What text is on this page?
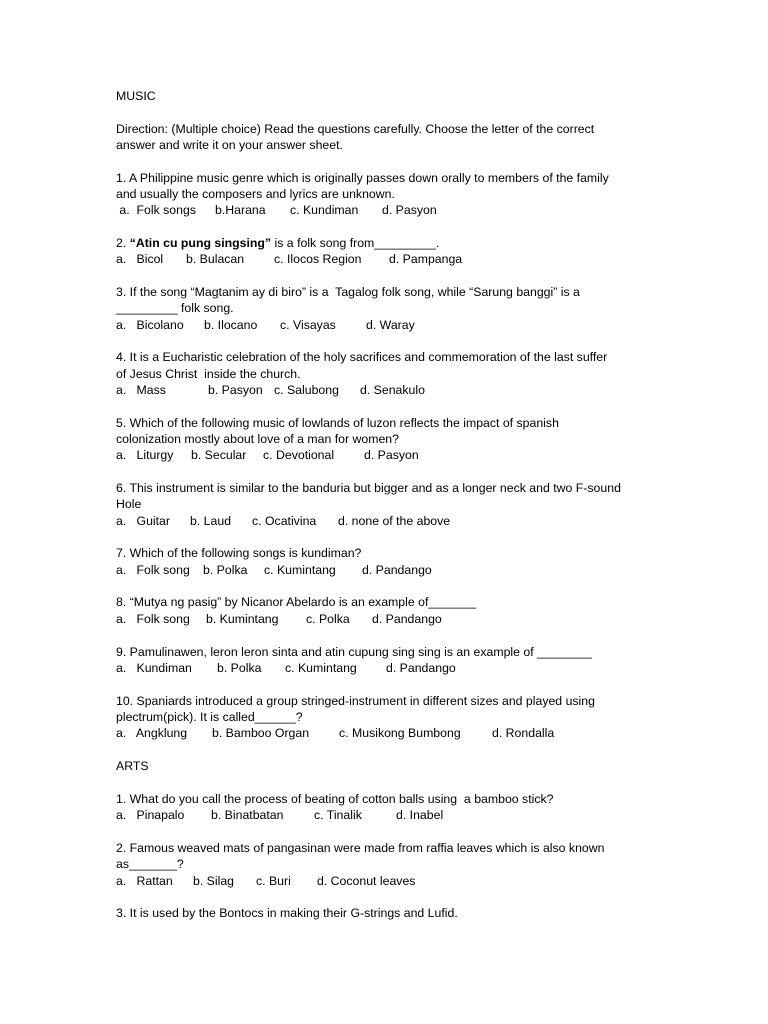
MUSIC
Direction: (Multiple choice) Read the questions carefully. Choose the letter of the correct
answer and write it on your answer sheet.
1. A Philippine music genre which is originally passes down orally to members of the family
and usually the composers and lyrics are unknown.
a.  Folk songs b.Harana c. Kundiman d. Pasyon
2. “Atin cu pung singsing” is a folk song from_________.
a.   Bicol b. Bulacan c. Ilocos Region d. Pampanga
3. If the song “Magtanim ay di biro” is a  Tagalog folk song, while “Sarung banggi” is a
_________ folk song.
a.   Bicolano b. Ilocano c. Visayas d. Waray
4. It is a Eucharistic celebration of the holy sacrifices and commemoration of the last suffer
of Jesus Christ  inside the church.
a.   Mass	b. Pasyon c. Salubong d. Senakulo
5. Which of the following music of lowlands of luzon reflects the impact of spanish
colonization mostly about love of a man for women?
a.   Liturgy b. Secular c. Devotional d. Pasyon
6. This instrument is similar to the banduria but bigger and as a longer neck and two F-sound
Hole
a.   Guitar b. Laud c. Ocativina d. none of the above
7. Which of the following songs is kundiman?
a.   Folk song b. Polka c. Kumintang d. Pandango
8. “Mutya ng pasig” by Nicanor Abelardo is an example of_______
a.   Folk song b. Kumintang c. Polka d. Pandango
9. Pamulinawen, leron leron sinta and atin cupung sing sing is an example of ________
a.   Kundiman b. Polka c. Kumintang d. Pandango
10. Spaniards introduced a group stringed-instrument in different sizes and played using
plectrum(pick). It is called______?
a.   Angklung b. Bamboo Organ c. Musikong Bumbong	d. Rondalla
ARTS
1. What do you call the process of beating of cotton balls using  a bamboo stick?
a.   Pinapalo b. Binatbatan c. Tinalik	d. Inabel
2. Famous weaved mats of pangasinan were made from raffia leaves which is also known
as_______?
a.   Rattan b. Silag c. Buri d. Coconut leaves
3. It is used by the Bontocs in making their G-strings and Lufid.
